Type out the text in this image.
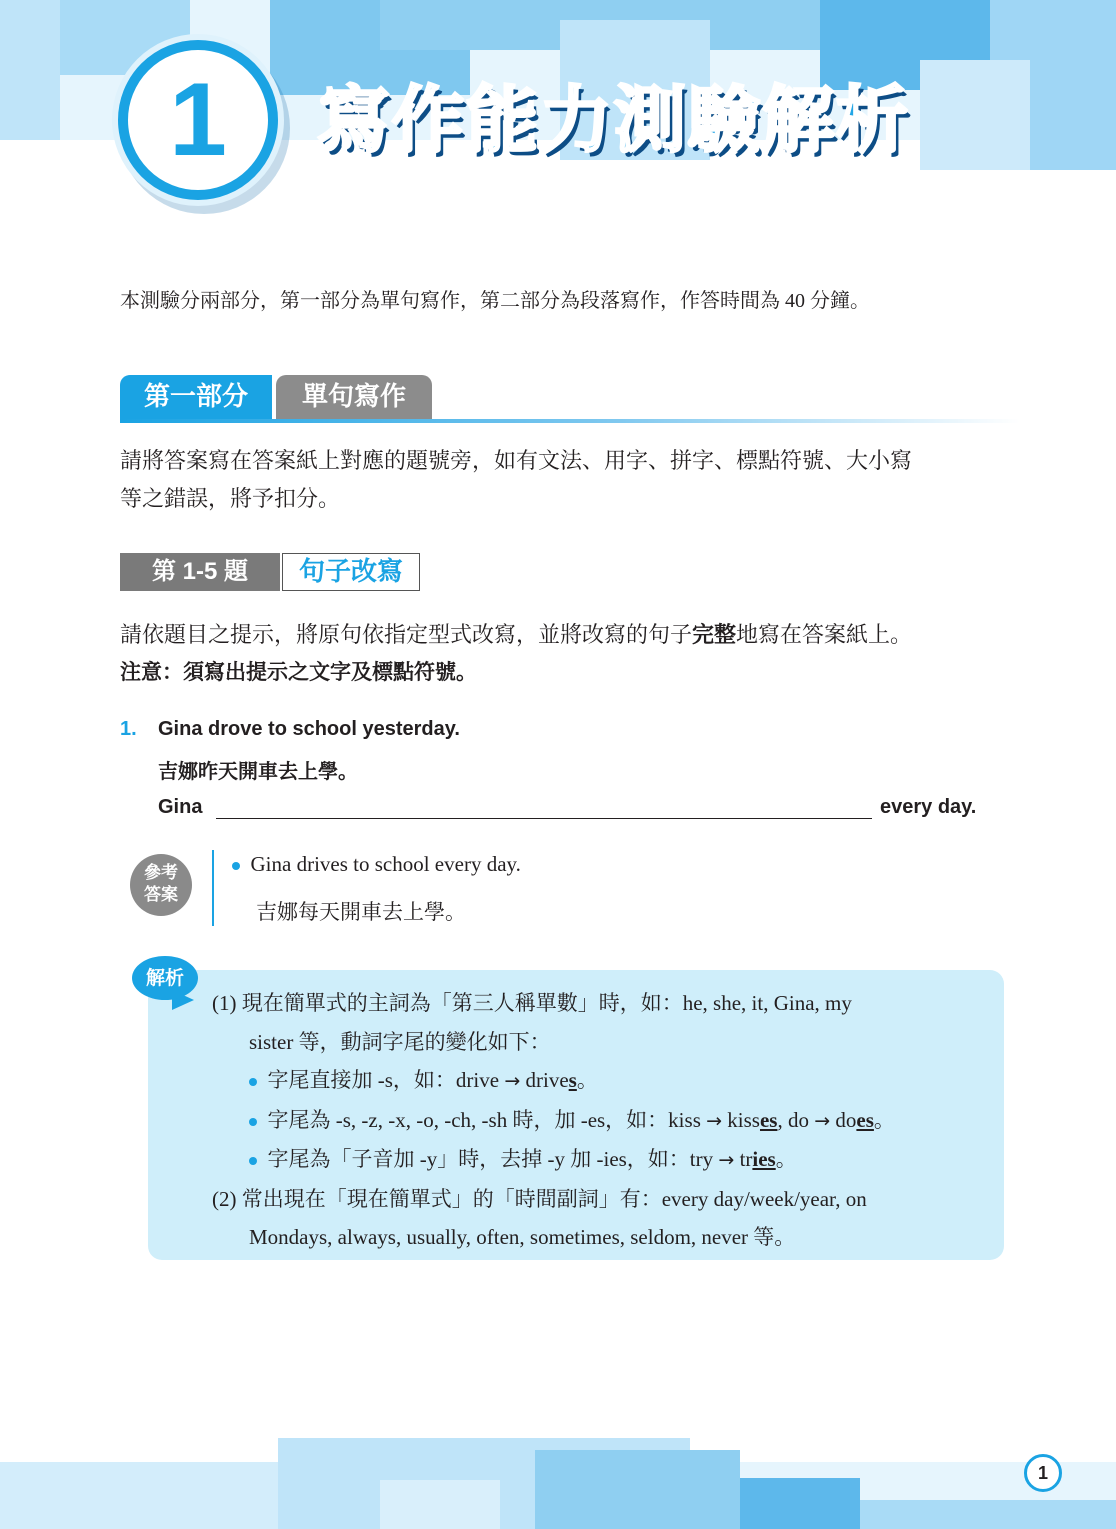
1	寫作能力測驗解析
本測驗分兩部分，第一部分為單句寫作，第二部分為段落寫作，作答時間為 40 分鐘。
第一部分	單句寫作
請將答案寫在答案紙上對應的題號旁，如有文法、用字、拼字、標點符號、大小寫
等之錯誤，將予扣分。
第 1-5 題	句子改寫
請依題目之提示，將原句依指定型式改寫，並將改寫的句子完整地寫在答案紙上。
注意：須寫出提示之文字及標點符號。
1. Gina drove to school yesterday.
吉娜昨天開車去上學。
Gina	every day.
參考
答案
Gina drives to school every day.
吉娜每天開車去上學。
解析

(1) 現在簡單式的主詞為「第三人稱單數」時，如：he, she, it, Gina, my

sister 等，動詞字尾的變化如下：

字尾直接加 -s，如：drive → drives。

字尾為 -s, -z, -x, -o, -ch, -sh 時，加 -es，如：kiss → kisses, do → does。

字尾為「子音加 -y」時，去掉 -y 加 -ies，如：try → tries。

(2) 常出現在「現在簡單式」的「時間副詞」有：every day/week/year, on

Mondays, always, usually, often, sometimes, seldom, never 等。

1
